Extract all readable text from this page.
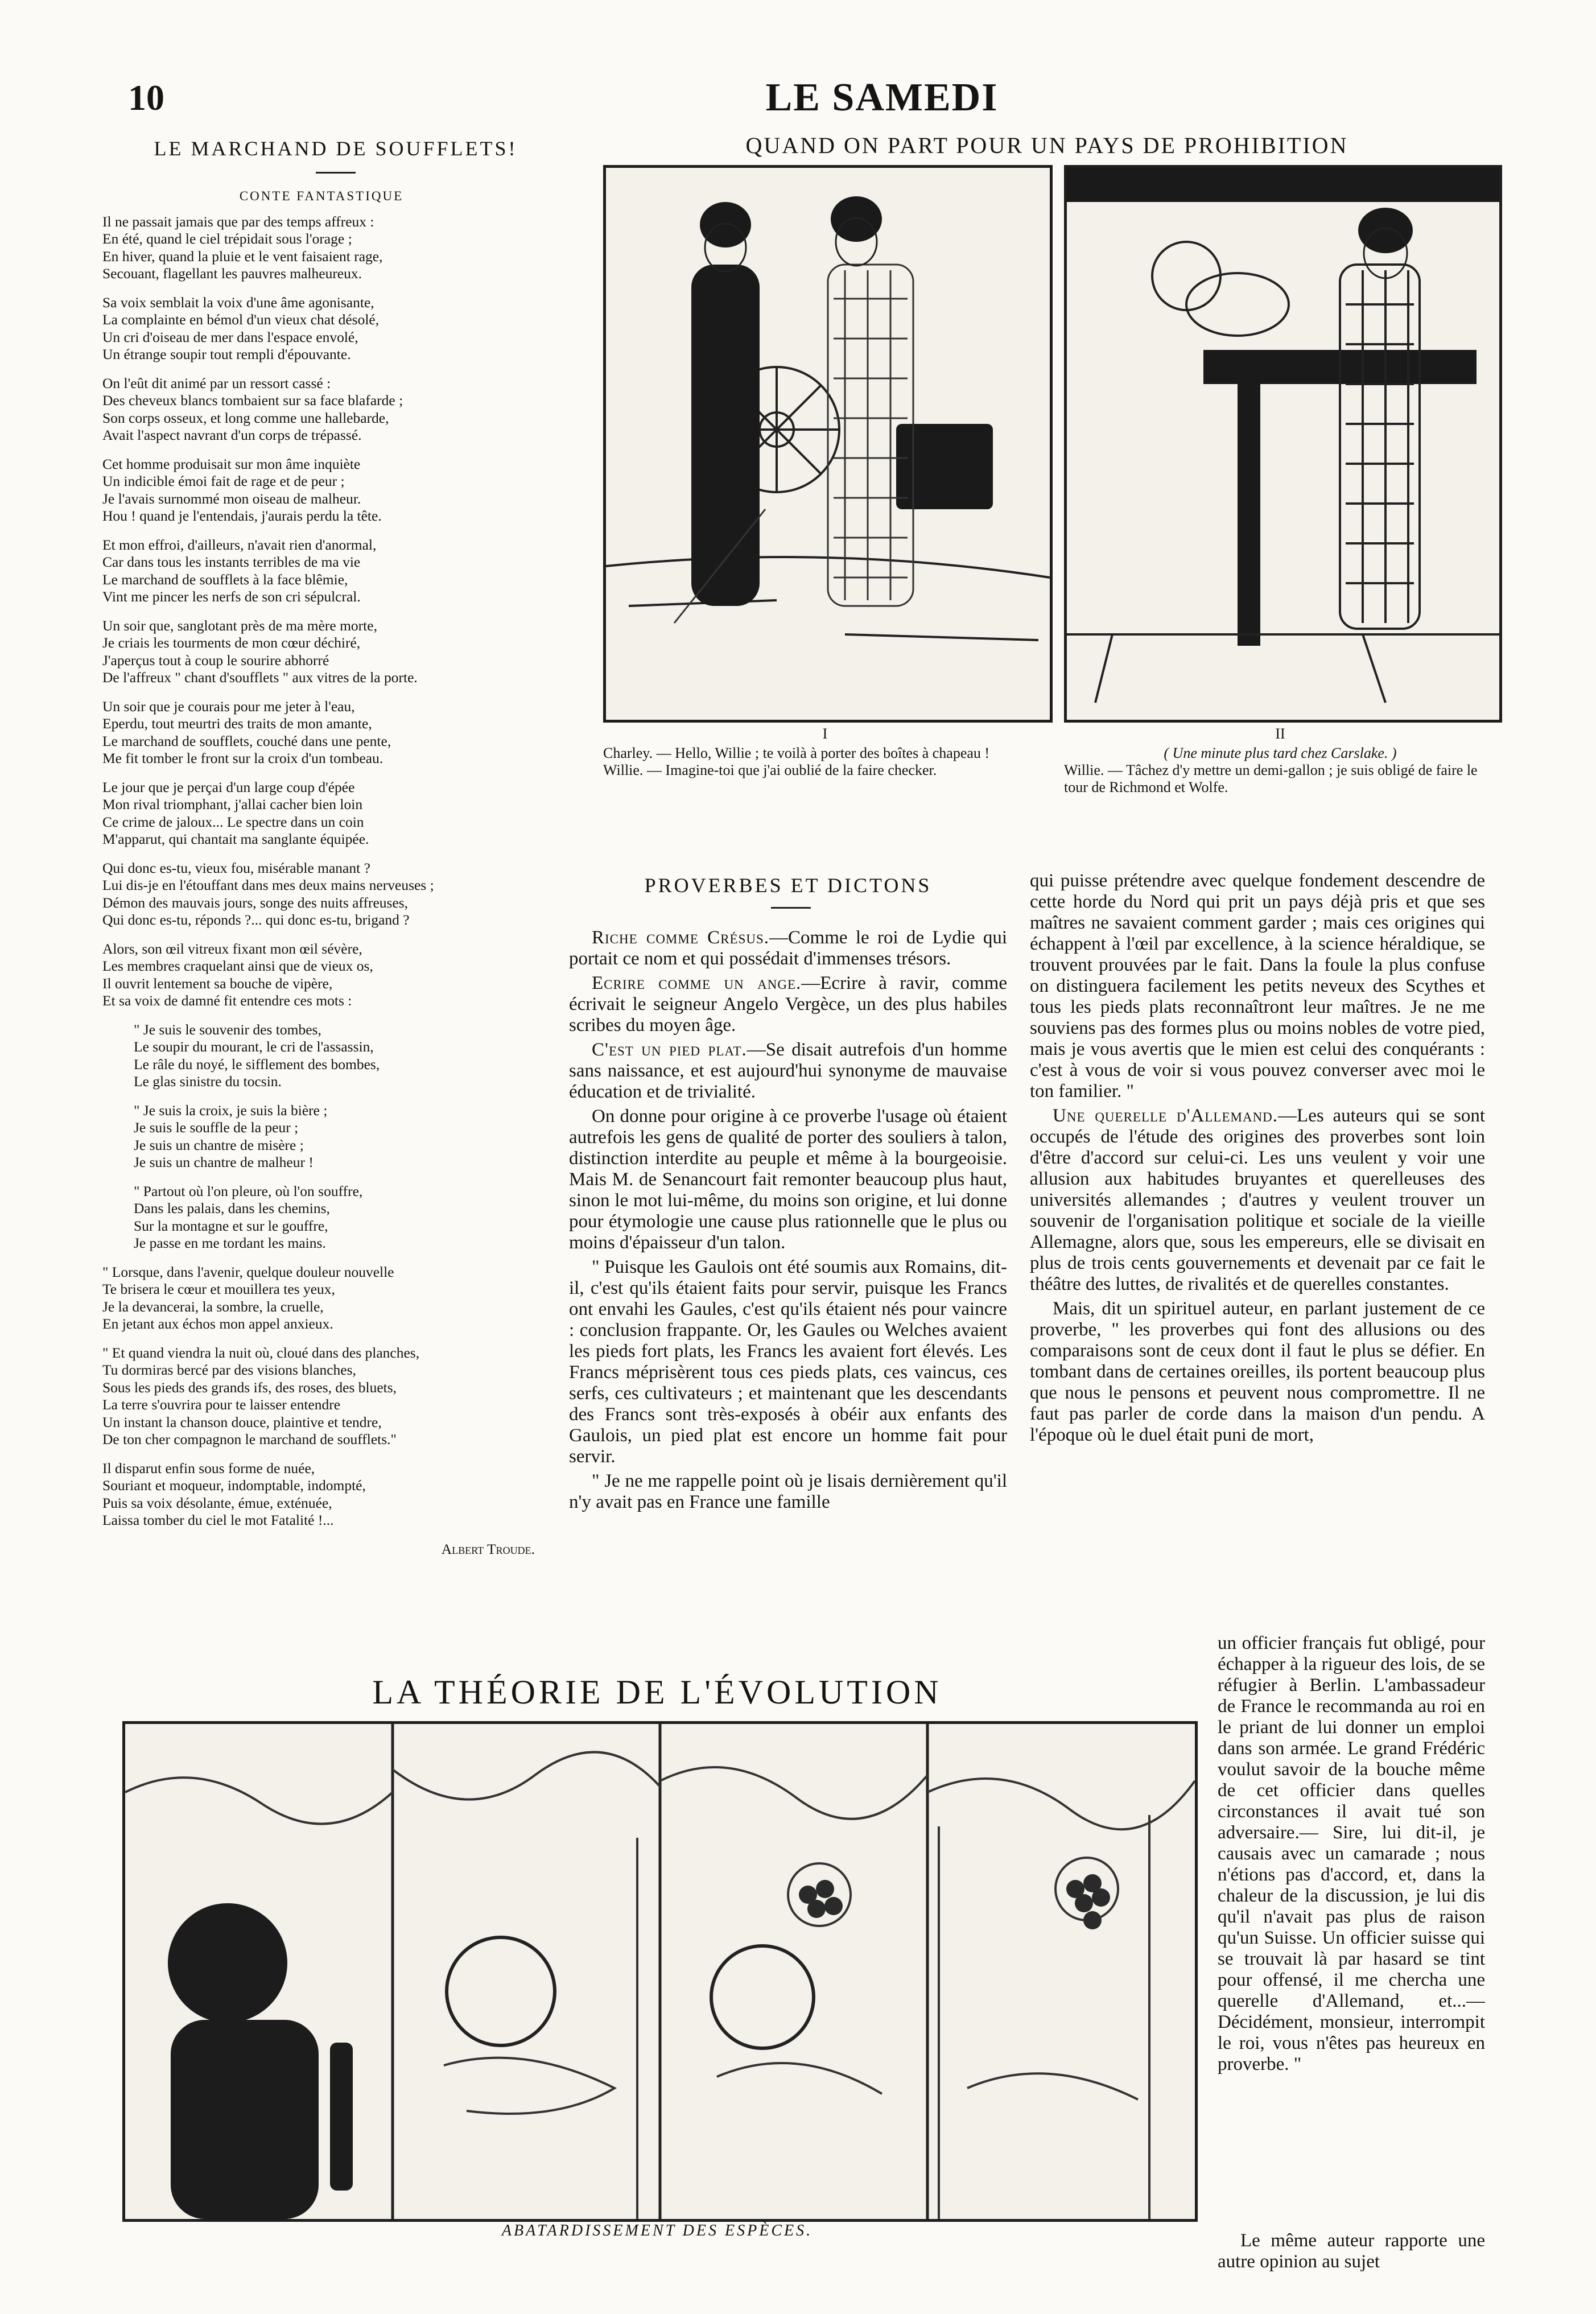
10	LE SAMEDI
LE MARCHAND DE SOUFFLETS!
CONTE FANTASTIQUE

Il ne passait jamais que par des temps affreux :
En été, quand le ciel trépidait sous l'orage ;
En hiver, quand la pluie et le vent faisaient rage,
Secouant, flagellant les pauvres malheureux.

Sa voix semblait la voix d'une âme agonisante,
La complainte en bémol d'un vieux chat désolé,
Un cri d'oiseau de mer dans l'espace envolé,
Un étrange soupir tout rempli d'épouvante.

On l'eût dit animé par un ressort cassé :
Des cheveux blancs tombaient sur sa face blafarde ;
Son corps osseux, et long comme une hallebarde,
Avait l'aspect navrant d'un corps de trépassé.

Cet homme produisait sur mon âme inquiète
Un indicible émoi fait de rage et de peur ;
Je l'avais surnommé mon oiseau de malheur.
Hou ! quand je l'entendais, j'aurais perdu la tête.

Et mon effroi, d'ailleurs, n'avait rien d'anormal,
Car dans tous les instants terribles de ma vie
Le marchand de soufflets à la face blêmie,
Vint me pincer les nerfs de son cri sépulcral.

Un soir que, sanglotant près de ma mère morte,
Je criais les tourments de mon cœur déchiré,
J'aperçus tout à coup le sourire abhorré
De l'affreux " chant d'soufflets " aux vitres de la porte.

Un soir que je courais pour me jeter à l'eau,
Eperdu, tout meurtri des traits de mon amante,
Le marchand de soufflets, couché dans une pente,
Me fit tomber le front sur la croix d'un tombeau.

Le jour que je perçai d'un large coup d'épée
Mon rival triomphant, j'allai cacher bien loin
Ce crime de jaloux... Le spectre dans un coin
M'apparut, qui chantait ma sanglante équipée.

Qui donc es-tu, vieux fou, misérable manant ?
Lui dis-je en l'étouffant dans mes deux mains nerveuses ;
Démon des mauvais jours, songe des nuits affreuses,
Qui donc es-tu, réponds ?... qui donc es-tu, brigand ?

Alors, son œil vitreux fixant mon œil sévère,
Les membres craquelant ainsi que de vieux os,
Il ouvrit lentement sa bouche de vipère,
Et sa voix de damné fit entendre ces mots :

" Je suis le souvenir des tombes,
Le soupir du mourant, le cri de l'assassin,
Le râle du noyé, le sifflement des bombes,
Le glas sinistre du tocsin.

" Je suis la croix, je suis la bière ;
Je suis le souffle de la peur ;
Je suis un chantre de misère ;
Je suis un chantre de malheur !

" Partout où l'on pleure, où l'on souffre,
Dans les palais, dans les chemins,
Sur la montagne et sur le gouffre,
Je passe en me tordant les mains.

" Lorsque, dans l'avenir, quelque douleur nouvelle
Te brisera le cœur et mouillera tes yeux,
Je la devancerai, la sombre, la cruelle,
En jetant aux échos mon appel anxieux.

" Et quand viendra la nuit où, cloué dans des planches,
Tu dormiras bercé par des visions blanches,
Sous les pieds des grands ifs, des roses, des bluets,
La terre s'ouvrira pour te laisser entendre
Un instant la chanson douce, plaintive et tendre,
De ton cher compagnon le marchand de soufflets."

Il disparut enfin sous forme de nuée,
Souriant et moqueur, indomptable, indompté,
Puis sa voix désolante, émue, exténuée,
Laissa tomber du ciel le mot Fatalité !...

Albert Troude.
QUAND ON PART POUR UN PAYS DE PROHIBITION
I
Charley. — Hello, Willie ; te voilà à porter des boîtes à chapeau !
Willie. — Imagine-toi que j'ai oublié de la faire checker.
II
( Une minute plus tard chez Carslake. )
Willie. — Tâchez d'y mettre un demi-gallon ; je suis obligé de faire le tour de Richmond et Wolfe.
PROVERBES ET DICTONS

Riche comme Crésus.—Comme le roi de Lydie qui portait ce nom et qui possédait d'immenses trésors.

Ecrire comme un ange.—Ecrire à ravir, comme écrivait le seigneur Angelo Vergèce, un des plus habiles scribes du moyen âge.

C'est un pied plat.—Se disait autrefois d'un homme sans naissance, et est aujourd'hui synonyme de mauvaise éducation et de trivialité.

On donne pour origine à ce proverbe l'usage où étaient autrefois les gens de qualité de porter des souliers à talon, distinction interdite au peuple et même à la bourgeoisie. Mais M. de Senancourt fait remonter beaucoup plus haut, sinon le mot lui-même, du moins son origine, et lui donne pour étymologie une cause plus rationnelle que le plus ou moins d'épaisseur d'un talon.

" Puisque les Gaulois ont été soumis aux Romains, dit-il, c'est qu'ils étaient faits pour servir, puisque les Francs ont envahi les Gaules, c'est qu'ils étaient nés pour vaincre : conclusion frappante. Or, les Gaules ou Welches avaient les pieds fort plats, les Francs les avaient fort élevés. Les Francs méprisèrent tous ces pieds plats, ces vaincus, ces serfs, ces cultivateurs ; et maintenant que les descendants des Francs sont très-exposés à obéir aux enfants des Gaulois, un pied plat est encore un homme fait pour servir.

" Je ne me rappelle point où je lisais dernièrement qu'il n'y avait pas en France une famille

qui puisse prétendre avec quelque fondement descendre de cette horde du Nord qui prit un pays déjà pris et que ses maîtres ne savaient comment garder ; mais ces origines qui échappent à l'œil par excellence, à la science héraldique, se trouvent prouvées par le fait. Dans la foule la plus confuse on distinguera facilement les petits neveux des Scythes et tous les pieds plats reconnaîtront leur maîtres. Je ne me souviens pas des formes plus ou moins nobles de votre pied, mais je vous avertis que le mien est celui des conquérants : c'est à vous de voir si vous pouvez converser avec moi le ton familier. "

Une querelle d'Allemand.—Les auteurs qui se sont occupés de l'étude des origines des proverbes sont loin d'être d'accord sur celui-ci. Les uns veulent y voir une allusion aux habitudes bruyantes et querelleuses des universités allemandes ; d'autres y veulent trouver un souvenir de l'organisation politique et sociale de la vieille Allemagne, alors que, sous les empereurs, elle se divisait en plus de trois cents gouvernements et devenait par ce fait le théâtre des luttes, de rivalités et de querelles constantes.

Mais, dit un spirituel auteur, en parlant justement de ce proverbe, " les proverbes qui font des allusions ou des comparaisons sont de ceux dont il faut le plus se défier. En tombant dans de certaines oreilles, ils portent beaucoup plus que nous le pensons et peuvent nous compromettre. Il ne faut pas parler de corde dans la maison d'un pendu. A l'époque où le duel était puni de mort,

un officier français fut obligé, pour échapper à la rigueur des lois, de se réfugier à Berlin. L'ambassadeur de France le recommanda au roi en le priant de lui donner un emploi dans son armée. Le grand Frédéric voulut savoir de la bouche même de cet officier dans quelles circonstances il avait tué son adversaire.— Sire, lui dit-il, je causais avec un camarade ; nous n'étions pas d'accord, et, dans la chaleur de la discussion, je lui dis qu'il n'avait pas plus de raison qu'un Suisse. Un officier suisse qui se trouvait là par hasard se tint pour offensé, il me chercha une querelle d'Allemand, et...— Décidément, monsieur, interrompit le roi, vous n'êtes pas heureux en proverbe. "

Le même auteur rapporte une autre opinion au sujet

LA THÉORIE DE L'ÉVOLUTION
ABATARDISSEMENT DES ESPÈCES.
